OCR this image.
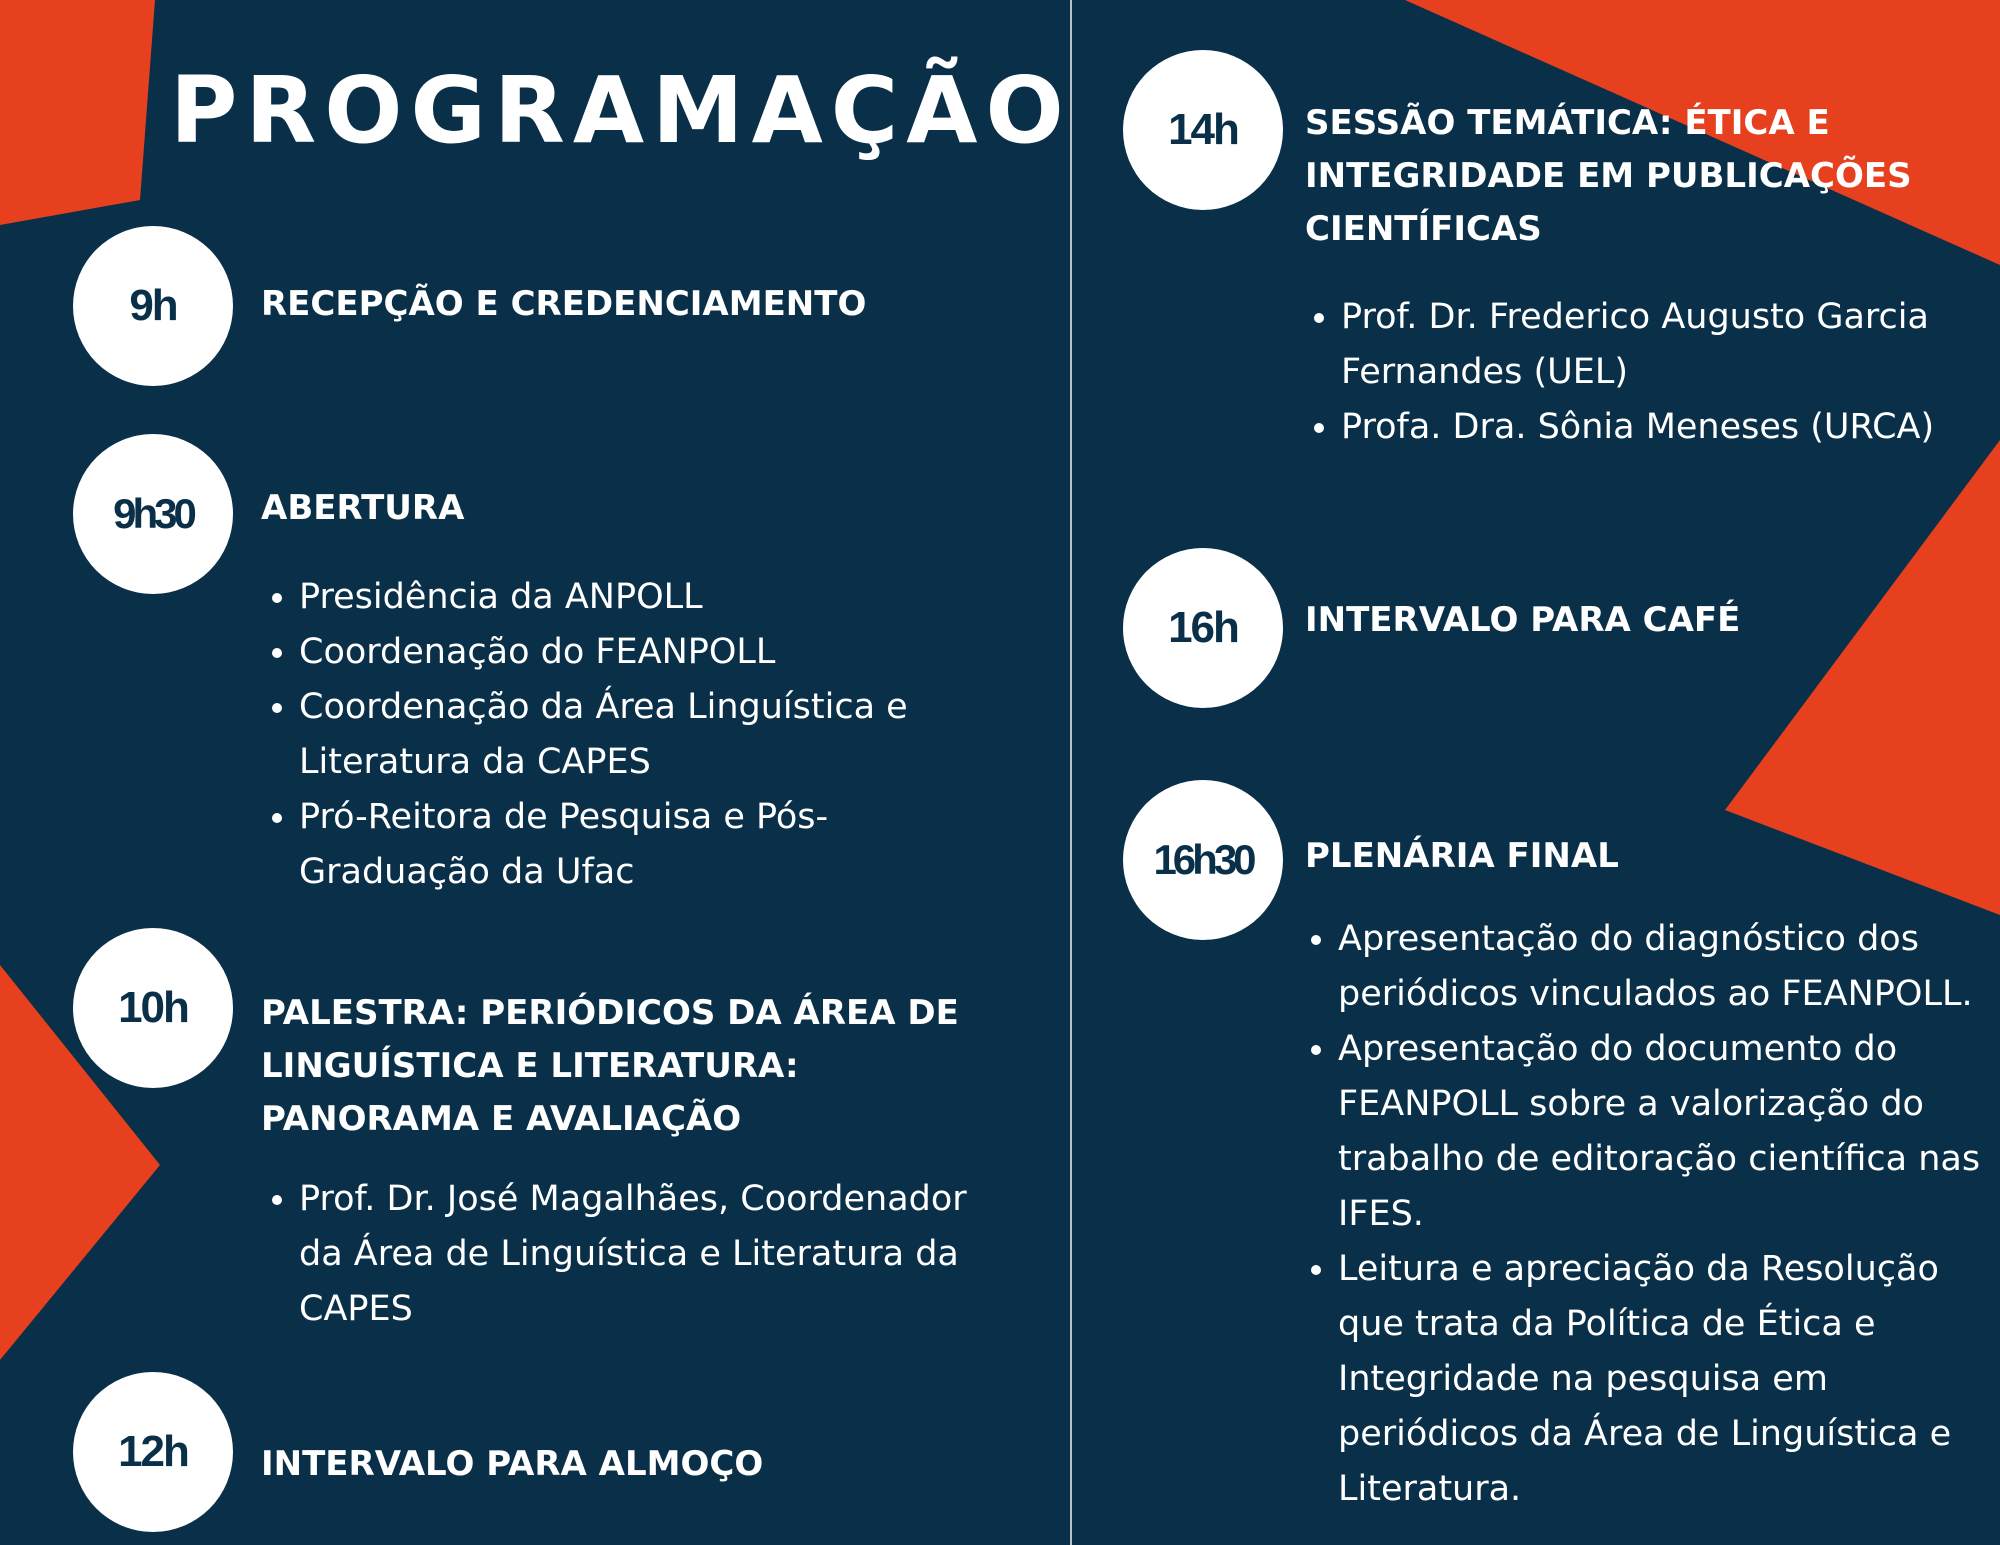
PROGRAMAÇÃO
9h	RECEPÇÃO E CREDENCIAMENTO
9h30	ABERTURA
• Presidência da ANPOLL
• Coordenação do FEANPOLL
• Coordenação da Área Linguística e Literatura da CAPES
• Pró-Reitora de Pesquisa e Pós-Graduação da Ufac
10h	PALESTRA: PERIÓDICOS DA ÁREA DE LINGUÍSTICA E LITERATURA: PANORAMA E AVALIAÇÃO
• Prof. Dr. José Magalhães, Coordenador da Área de Linguística e Literatura da CAPES
12h	INTERVALO PARA ALMOÇO
14h	SESSÃO TEMÁTICA: ÉTICA E INTEGRIDADE EM PUBLICAÇÕES CIENTÍFICAS
• Prof. Dr. Frederico Augusto Garcia Fernandes (UEL)
• Profa. Dra. Sônia Meneses (URCA)
16h	INTERVALO PARA CAFÉ
16h30	PLENÁRIA FINAL
• Apresentação do diagnóstico dos periódicos vinculados ao FEANPOLL.
• Apresentação do documento do FEANPOLL sobre a valorização do trabalho de editoração científica nas IFES.
• Leitura e apreciação da Resolução que trata da Política de Ética e Integridade na pesquisa em periódicos da Área de Linguística e Literatura.
